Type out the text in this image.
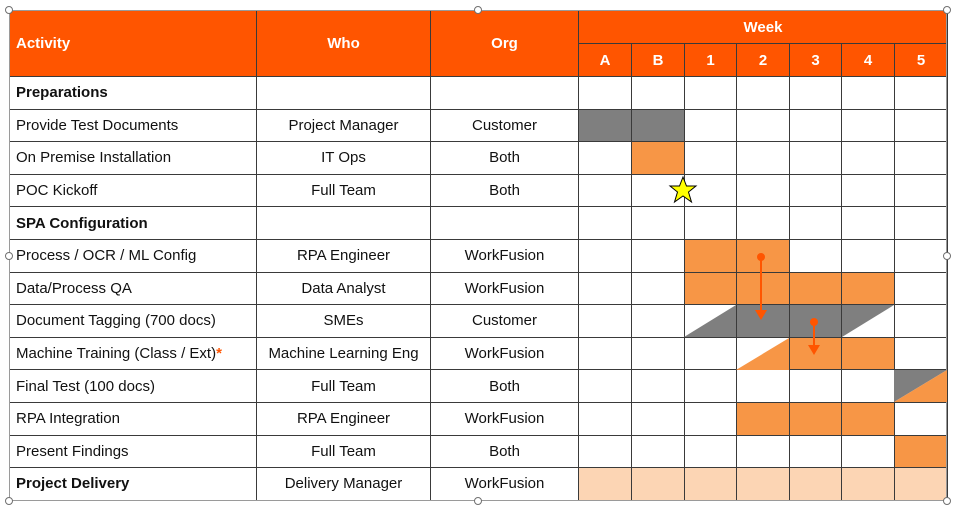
Activity	Who	Org	Week						
			A	B	1	2	3	4	5
Preparations									
Provide Test Documents	Project Manager	Customer							
On Premise Installation	IT Ops	Both							
POC Kickoff	Full Team	Both							
SPA Configuration									
Process / OCR / ML Config	RPA Engineer	WorkFusion							
Data/Process QA	Data Analyst	WorkFusion							
Document Tagging (700 docs)	SMEs	Customer							
Machine Training (Class / Ext)*	Machine Learning Eng	WorkFusion							
Final Test (100 docs)	Full Team	Both							
RPA Integration	RPA Engineer	WorkFusion							
Present Findings	Full Team	Both							
Project Delivery	Delivery Manager	WorkFusion							
